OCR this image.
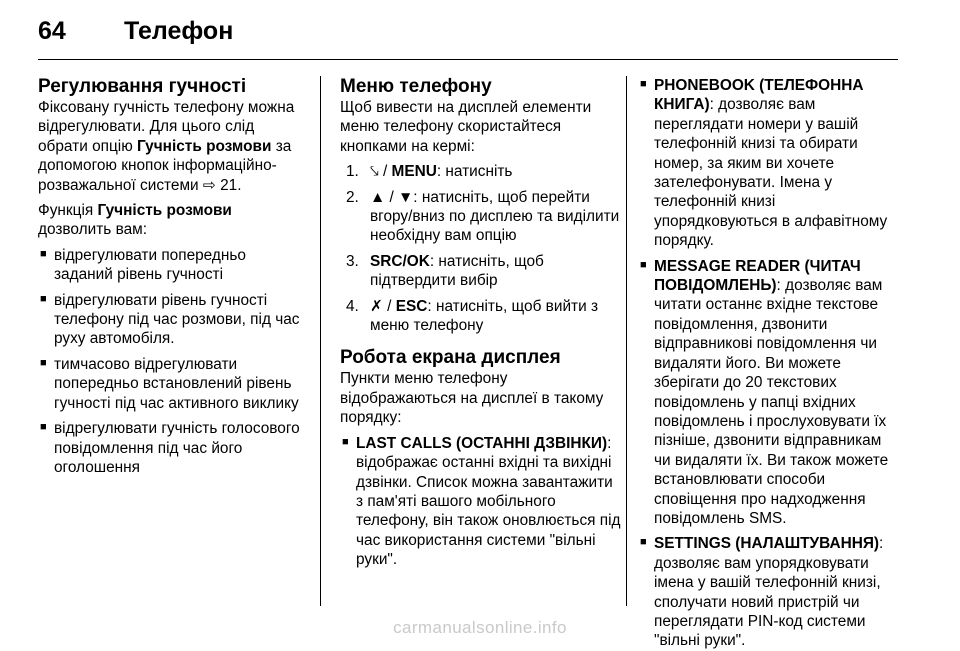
64	Телефон
Регулювання гучності

Фіксовану гучність телефону можна відрегулювати. Для цього слід обрати опцію Гучність розмови за допомогою кнопок інформаційно-розважальної системи ⇨ 21.

Функція Гучність розмови
дозволить вам:

■ відрегулювати попередньо заданий рівень гучності
■ відрегулювати рівень гучності телефону під час розмови, під час руху автомобіля.
■ тимчасово відрегулювати попередньо встановлений рівень гучності під час активного виклику
■ відрегулювати гучність голосового повідомлення під час його оголошення
Меню телефону

Щоб вивести на дисплей елементи меню телефону скористайтеся кнопками на кермі:

1. ⤥ / MENU: натисніть
2. ▲ / ▼: натисніть, щоб перейти вгору/вниз по дисплею та виділити необхідну вам опцію
3. SRC/OK: натисніть, щоб підтвердити вибір
4. ✗ / ESC: натисніть, щоб вийти з меню телефону
Робота екрана дисплея

Пункти меню телефону відображаються на дисплеї в такому порядку:

■ LAST CALLS (ОСТАННІ ДЗВІНКИ): відображає останні вхідні та вихідні дзвінки. Список можна завантажити з пам'яті вашого мобільного телефону, він також оновлюється під час використання системи "вільні руки".
■ PHONEBOOK (ТЕЛЕФОННА КНИГА): дозволяє вам переглядати номери у вашій телефонній книзі та обирати номер, за яким ви хочете зателефонувати. Імена у телефонній книзі упорядковуються в алфавітному порядку.
■ MESSAGE READER (ЧИТАЧ ПОВІДОМЛЕНЬ): дозволяє вам читати останнє вхідне текстове повідомлення, дзвонити відправникові повідомлення чи видаляти його. Ви можете зберігати до 20 текстових повідомлень у папці вхідних повідомлень і прослуховувати їх пізніше, дзвонити відправникам чи видаляти їх. Ви також можете встановлювати способи сповіщення про надходження повідомлень SMS.
■ SETTINGS (НАЛАШТУВАННЯ): дозволяє вам упорядковувати імена у вашій телефонній книзі, сполучати новий пристрій чи переглядати PIN-код системи "вільні руки".
carmanualsonline.info
